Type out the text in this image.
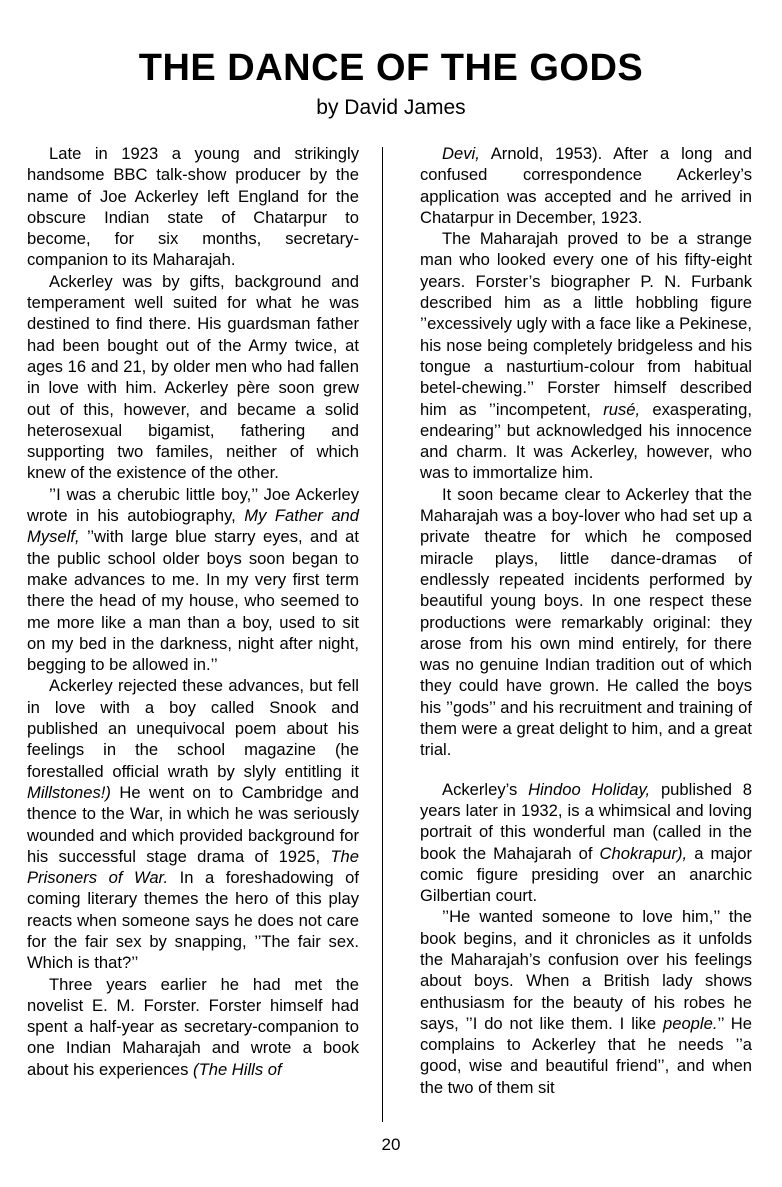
THE DANCE OF THE GODS
by David James

Late in 1923 a young and strikingly handsome BBC talk-show producer by the name of Joe Ackerley left England for the obscure Indian state of Chatarpur to become, for six months, secretary-companion to its Maharajah.

Ackerley was by gifts, background and temperament well suited for what he was destined to find there. His guardsman father had been bought out of the Army twice, at ages 16 and 21, by older men who had fallen in love with him. Ackerley père soon grew out of this, however, and became a solid heterosexual bigamist, fathering and supporting two familes, neither of which knew of the existence of the other.

’’I was a cherubic little boy,’’ Joe Ackerley wrote in his autobiography, My Father and Myself, ’’with large blue starry eyes, and at the public school older boys soon began to make advances to me. In my very first term there the head of my house, who seemed to me more like a man than a boy, used to sit on my bed in the darkness, night after night, begging to be allowed in.’’

Ackerley rejected these advances, but fell in love with a boy called Snook and published an unequivocal poem about his feelings in the school magazine (he forestalled official wrath by slyly entitling it Millstones!) He went on to Cambridge and thence to the War, in which he was seriously wounded and which provided background for his successful stage drama of 1925, The Prisoners of War. In a foreshadowing of coming literary themes the hero of this play reacts when someone says he does not care for the fair sex by snapping, ’’The fair sex. Which is that?’’

Three years earlier he had met the novelist E. M. Forster. Forster himself had spent a half-year as secretary-companion to one Indian Maharajah and wrote a book about his experiences (The Hills of

Devi, Arnold, 1953). After a long and confused correspondence Ackerley’s application was accepted and he arrived in Chatarpur in December, 1923.

The Maharajah proved to be a strange man who looked every one of his fifty-eight years. Forster’s biographer P. N. Furbank described him as a little hobbling figure ’’excessively ugly with a face like a Pekinese, his nose being completely bridgeless and his tongue a nasturtium-colour from habitual betel-chewing.’’ Forster himself described him as ’’incompetent, rusé, exasperating, endearing’’ but acknowledged his innocence and charm. It was Ackerley, however, who was to immortalize him.

It soon became clear to Ackerley that the Maharajah was a boy-lover who had set up a private theatre for which he composed miracle plays, little dance-dramas of endlessly repeated incidents performed by beautiful young boys. In one respect these productions were remarkably original: they arose from his own mind entirely, for there was no genuine Indian tradition out of which they could have grown. He called the boys his ’’gods’’ and his recruitment and training of them were a great delight to him, and a great trial.

Ackerley’s Hindoo Holiday, published 8 years later in 1932, is a whimsical and loving portrait of this wonderful man (called in the book the Mahajarah of Chokrapur), a major comic figure presiding over an anarchic Gilbertian court.

’’He wanted someone to love him,’’ the book begins, and it chronicles as it unfolds the Maharajah’s confusion over his feelings about boys. When a British lady shows enthusiasm for the beauty of his robes he says, ’’I do not like them. I like people.’’ He complains to Ackerley that he needs ’’a good, wise and beautiful friend’’, and when the two of them sit

20
